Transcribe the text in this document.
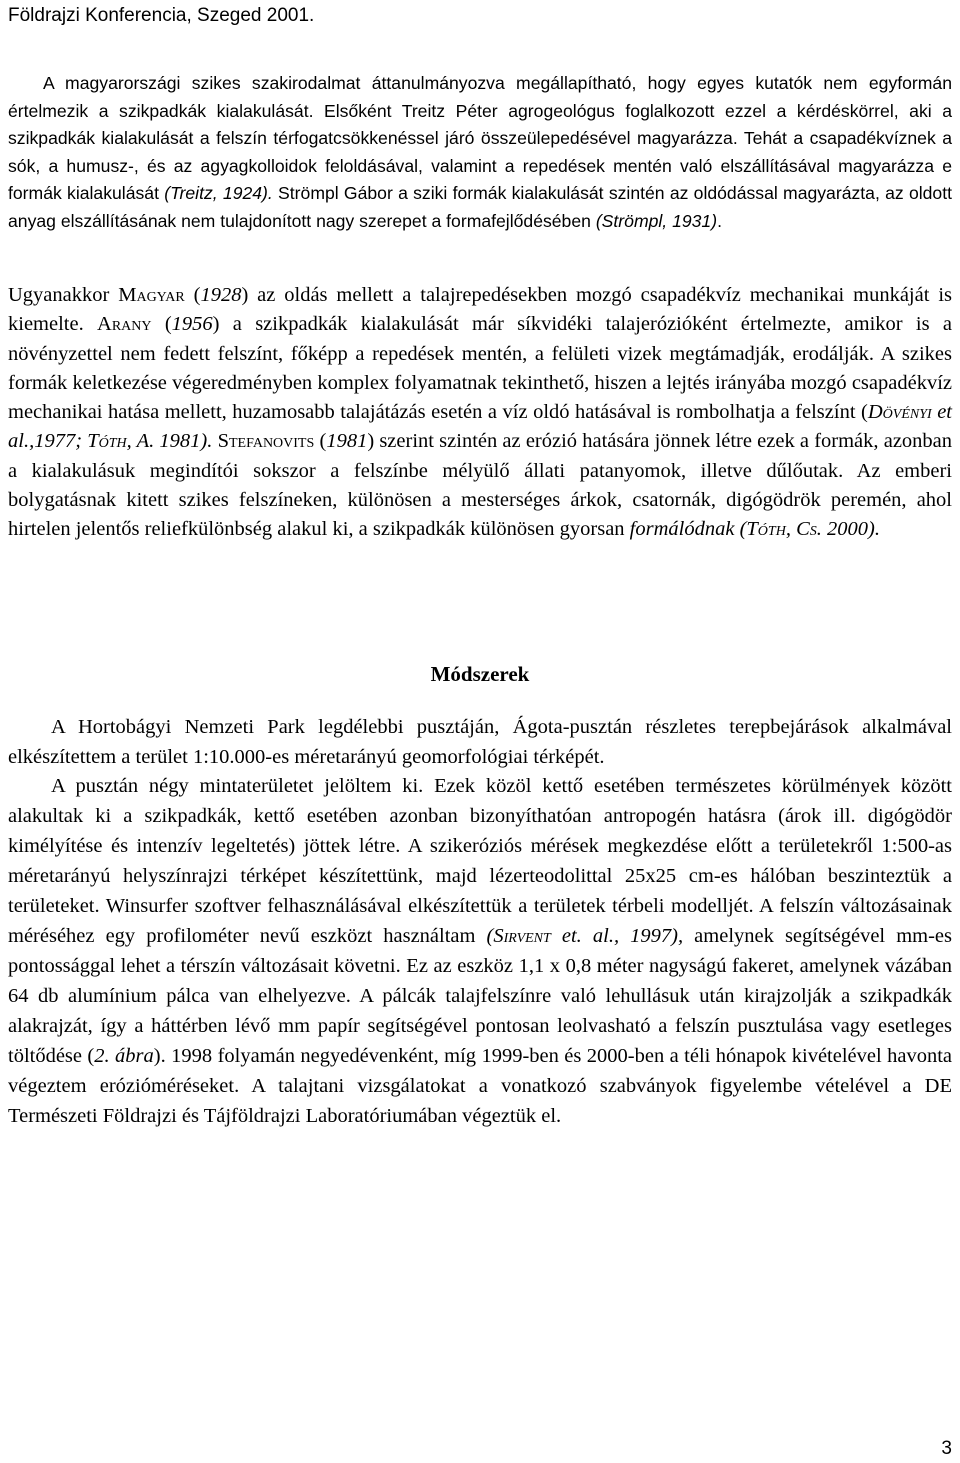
Földrajzi Konferencia, Szeged 2001.

A magyarországi szikes szakirodalmat áttanulmányozva megállapítható, hogy egyes kutatók nem egyformán értelmezik a szikpadkák kialakulását. Elsőként Treitz Péter agrogeológus foglalkozott ezzel a kérdéskörrel, aki a szikpadkák kialakulását a felszín térfogatcsökkenéssel járó összeülepedésével magyarázza. Tehát a csapadékvíznek a sók, a humusz-, és az agyagkolloidok feloldásával, valamint a repedések mentén való elszállításával magyarázza e formák kialakulását (Treitz, 1924). Strömpl Gábor a sziki formák kialakulását szintén az oldódással magyarázta, az oldott anyag elszállításának nem tulajdonított nagy szerepet a formafejlődésében (Strömpl, 1931).

Ugyanakkor Magyar (1928) az oldás mellett a talajrepedésekben mozgó csapadékvíz mechanikai munkáját is kiemelte. Arany (1956) a szikpadkák kialakulását már síkvidéki talajerózióként értelmezte, amikor is a növényzettel nem fedett felszínt, főképp a repedések mentén, a felületi vizek megtámadják, erodálják. A szikes formák keletkezése végeredményben komplex folyamatnak tekinthető, hiszen a lejtés irányába mozgó csapadékvíz mechanikai hatása mellett, huzamosabb talajátázás esetén a víz oldó hatásával is rombolhatja a felszínt (Dövényi et al.,1977; Tóth, A. 1981). Stefanovits (1981) szerint szintén az erózió hatására jönnek létre ezek a formák, azonban a kialakulásuk megindítói sokszor a felszínbe mélyülő állati patanyomok, illetve dűlőutak. Az emberi bolygatásnak kitett szikes felszíneken, különösen a mesterséges árkok, csatornák, digógödrök peremén, ahol hirtelen jelentős reliefkülönbség alakul ki, a szikpadkák különösen gyorsan formálódnak (Tóth, Cs. 2000).

Módszerek

A Hortobágyi Nemzeti Park legdélebbi pusztáján, Ágota-pusztán részletes terepbejárások alkalmával elkészítettem a terület 1:10.000-es méretarányú geomorfológiai térképét.

A pusztán négy mintaterületet jelöltem ki. Ezek közöl kettő esetében természetes körülmények között alakultak ki a szikpadkák, kettő esetében azonban bizonyíthatóan antropogén hatásra (árok ill. digógödör kimélyítése és intenzív legeltetés) jöttek létre. A szikeróziós mérések megkezdése előtt a területekről 1:500-as méretarányú helyszínrajzi térképet készítettünk, majd lézerteodolittal 25x25 cm-es hálóban beszinteztük a területeket. Winsurfer szoftver felhasználásával elkészítettük a területek térbeli modelljét. A felszín változásainak méréséhez egy profilométer nevű eszközt használtam (Sirvent et. al., 1997), amelynek segítségével mm-es pontossággal lehet a térszín változásait követni. Ez az eszköz 1,1 x 0,8 méter nagyságú fakeret, amelynek vázában 64 db alumínium pálca van elhelyezve. A pálcák talajfelszínre való lehullásuk után kirajzolják a szikpadkák alakrajzát, így a háttérben lévő mm papír segítségével pontosan leolvasható a felszín pusztulása vagy esetleges töltődése (2. ábra). 1998 folyamán negyedévenként, míg 1999-ben és 2000-ben a téli hónapok kivételével havonta végeztem erózióméréseket. A talajtani vizsgálatokat a vonatkozó szabványok figyelembe vételével a DE Természeti Földrajzi és Tájföldrajzi Laboratóriumában végeztük el.

3
